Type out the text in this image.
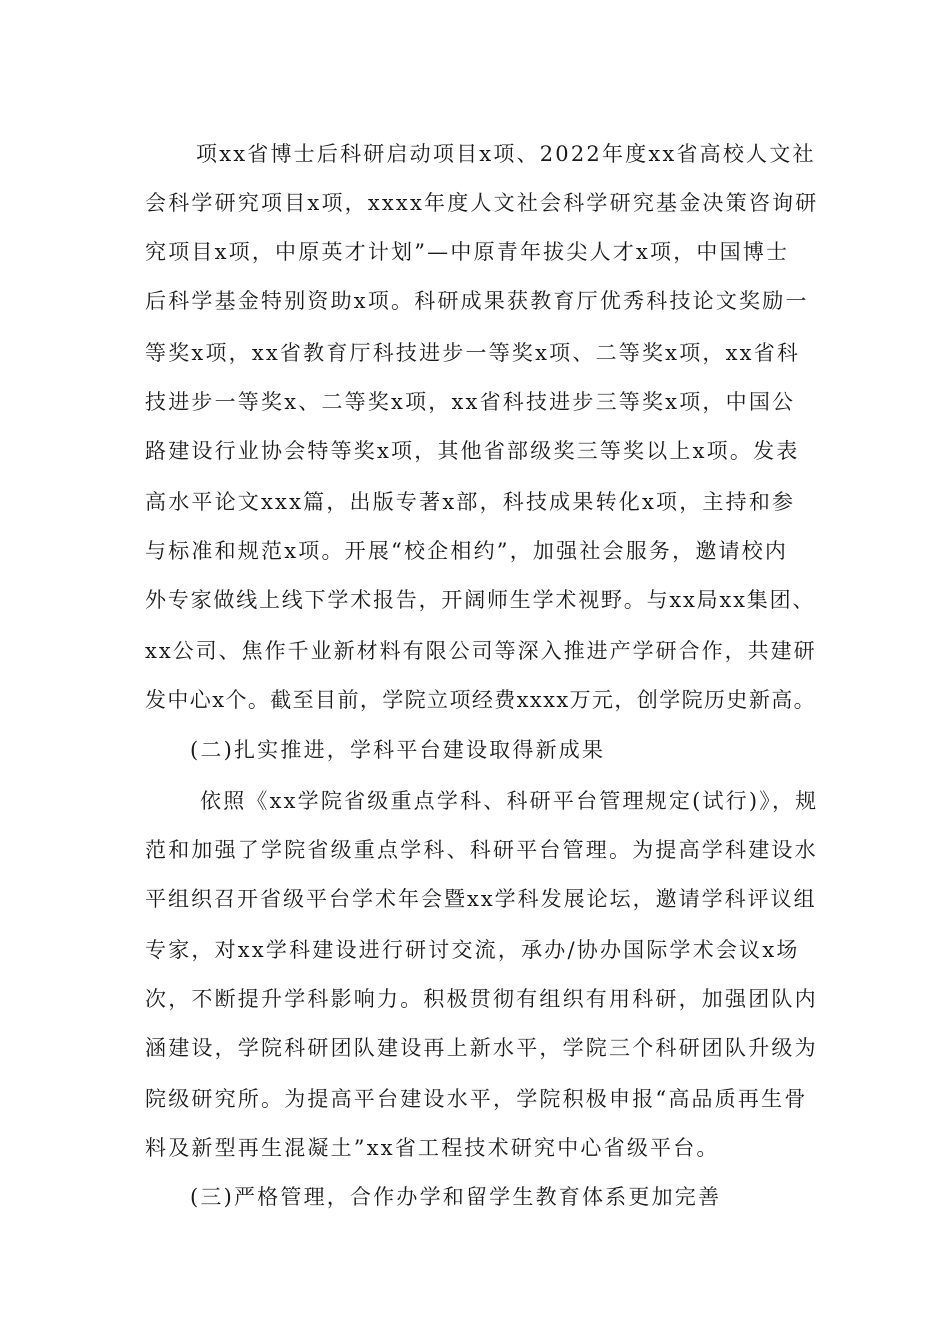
项xx省博士后科研启动项目x项、2022年度xx省高校人文社
会科学研究项目x项，xxxx年度人文社会科学研究基金决策咨询研
究项目x项，中原英才计划”—中原青年拔尖人才x项，中国博士
后科学基金特别资助x项。科研成果获教育厅优秀科技论文奖励一
等奖x项，xx省教育厅科技进步一等奖x项、二等奖x项，xx省科
技进步一等奖x、二等奖x项，xx省科技进步三等奖x项，中国公
路建设行业协会特等奖x项，其他省部级奖三等奖以上x项。发表
高水平论文xxx篇，出版专著x部，科技成果转化x项，主持和参
与标准和规范x项。开展“校企相约”，加强社会服务，邀请校内
外专家做线上线下学术报告，开阔师生学术视野。与xx局xx集团、
xx公司、焦作千业新材料有限公司等深入推进产学研合作，共建研
发中心x个。截至目前，学院立项经费xxxx万元，创学院历史新高。
(二)扎实推进，学科平台建设取得新成果
依照《xx学院省级重点学科、科研平台管理规定(试行)》，规
范和加强了学院省级重点学科、科研平台管理。为提高学科建设水
平组织召开省级平台学术年会暨xx学科发展论坛，邀请学科评议组
专家，对xx学科建设进行研讨交流，承办/协办国际学术会议x场
次，不断提升学科影响力。积极贯彻有组织有用科研，加强团队内
涵建设，学院科研团队建设再上新水平，学院三个科研团队升级为
院级研究所。为提高平台建设水平，学院积极申报“高品质再生骨
料及新型再生混凝土”xx省工程技术研究中心省级平台。
(三)严格管理，合作办学和留学生教育体系更加完善
